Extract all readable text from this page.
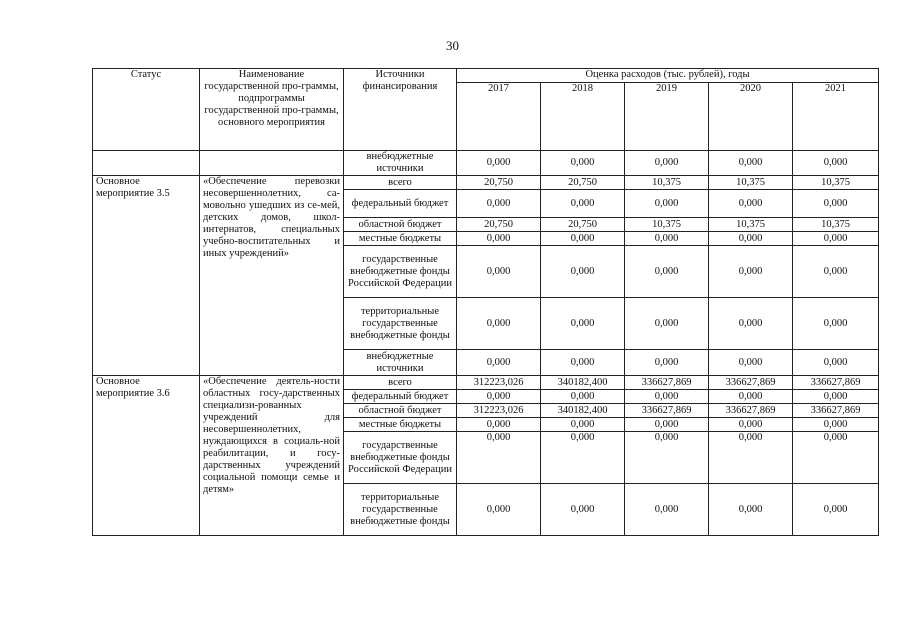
30
Статус	Наименование государственной про-граммы, подпрограммы государственной про-граммы, основного мероприятия	Источники финансирования	Оценка расходов (тыс. рублей), годы				
			2017	2018	2019	2020	2021
		внебюджетные источники	0,000	0,000	0,000	0,000	0,000
Основное мероприятие 3.5	«Обеспечение перевозки несовершеннолетних, са-мовольно ушедших из се-мей, детских домов, школ-интернатов, специальных учебно-воспитательных и иных учреждений»	всего	20,750	20,750	10,375	10,375	10,375
		федеральный бюджет	0,000	0,000	0,000	0,000	0,000
		областной бюджет	20,750	20,750	10,375	10,375	10,375
		местные бюджеты	0,000	0,000	0,000	0,000	0,000
		государственные внебюджетные фонды Российской Федерации	0,000	0,000	0,000	0,000	0,000
		территориальные государственные внебюджетные фонды	0,000	0,000	0,000	0,000	0,000
		внебюджетные источники	0,000	0,000	0,000	0,000	0,000
Основное мероприятие 3.6	«Обеспечение деятель-ности областных госу-дарственных специализи-рованных учреждений для несовершеннолетних, нуждающихся в социаль-ной реабилитации, и госу-дарственных учреждений социальной помощи семье и детям»	всего	312223,026	340182,400	336627,869	336627,869	336627,869
		федеральный бюджет	0,000	0,000	0,000	0,000	0,000
		областной бюджет	312223,026	340182,400	336627,869	336627,869	336627,869
		местные бюджеты	0,000	0,000	0,000	0,000	0,000
		государственные внебюджетные фонды Российской Федерации	0,000	0,000	0,000	0,000	0,000
		территориальные государственные внебюджетные фонды	0,000	0,000	0,000	0,000	0,000
